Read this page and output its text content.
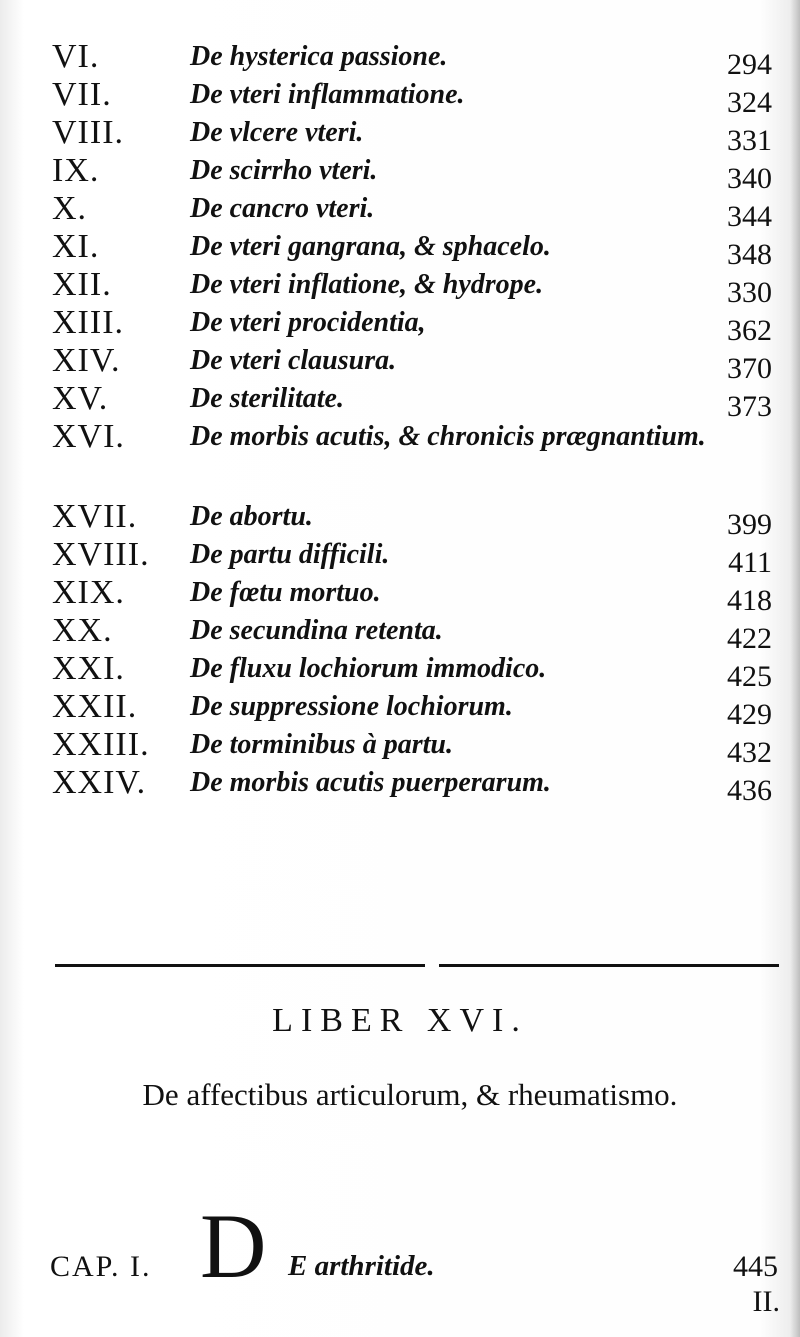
VI.	De hysterica passione.	294
VII.	De vteri inflammatione.	324
VIII. De vlcere vteri.	331
IX.	De scirrho vteri.	340
X.	De cancro vteri.	344
XI.	De vteri gangrana, & sphacelo.	348
XII.	De vteri inflatione, & hydrope.	330
XIII. De vteri procidentia,	362
XIV. De vteri clausura.	370
XV.	De sterilitate.	373
XVI. De morbis acutis, & chronicis prægnantium.
XVII. De abortu.	399
XVIII. De partu difficili.	411
XIX. De fœtu mortuo.	418
XX.	De secundina retenta.	422
XXI. De fluxu lochiorum immodico.	425
XXII. De suppressione lochiorum.	429
XXIII. De torminibus à partu.	432
XXIV. De morbis acutis puerperarum.	436
LIBER XVI.
De affectibus articulorum, & rheumatismo.
CAP. I. D E arthritide.	445
II.
